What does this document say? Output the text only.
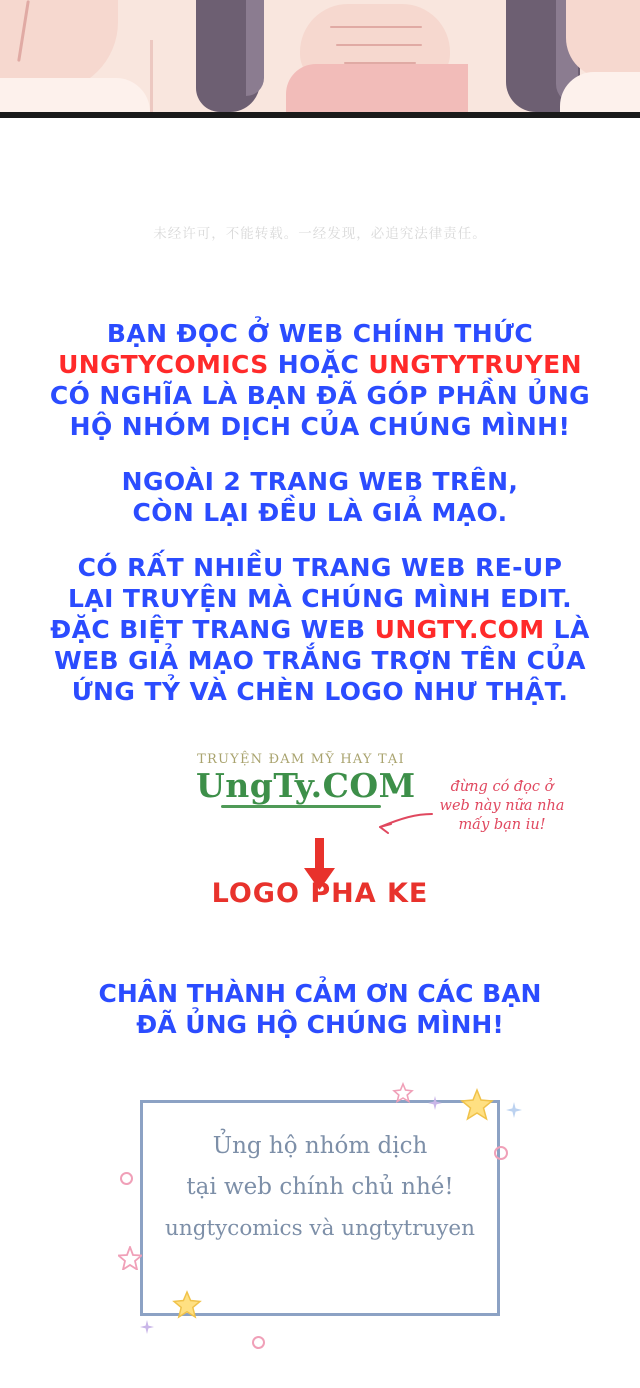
未经许可，不能转载。一经发现，必追究法律责任。
BẠN ĐỌC Ở WEB CHÍNH THỨC
UNGTYCOMICS HOẶC UNGTYTRUYEN
CÓ NGHĨA LÀ BẠN ĐÃ GÓP PHẦN ỦNG
HỘ NHÓM DỊCH CỦA CHÚNG MÌNH!
NGOÀI 2 TRANG WEB TRÊN,
CÒN LẠI ĐỀU LÀ GIẢ MẠO.
CÓ RẤT NHIỀU TRANG WEB RE-UP
LẠI TRUYỆN MÀ CHÚNG MÌNH EDIT.
ĐẶC BIỆT TRANG WEB UNGTY.COM LÀ
WEB GIẢ MẠO TRẮNG TRỢN TÊN CỦA
ỨNG TỶ VÀ CHÈN LOGO NHƯ THẬT.
TRUYỆN ĐAM MỸ HAY TẠI
UngTy.COM	đừng có đọc ở
web này nữa nha
mấy bạn iu!
LOGO PHA KE
CHÂN THÀNH CẢM ƠN CÁC BẠN
ĐÃ ỦNG HỘ CHÚNG MÌNH!
Ủng hộ nhóm dịch
tại web chính chủ nhé!
ungtycomics và ungtytruyen
